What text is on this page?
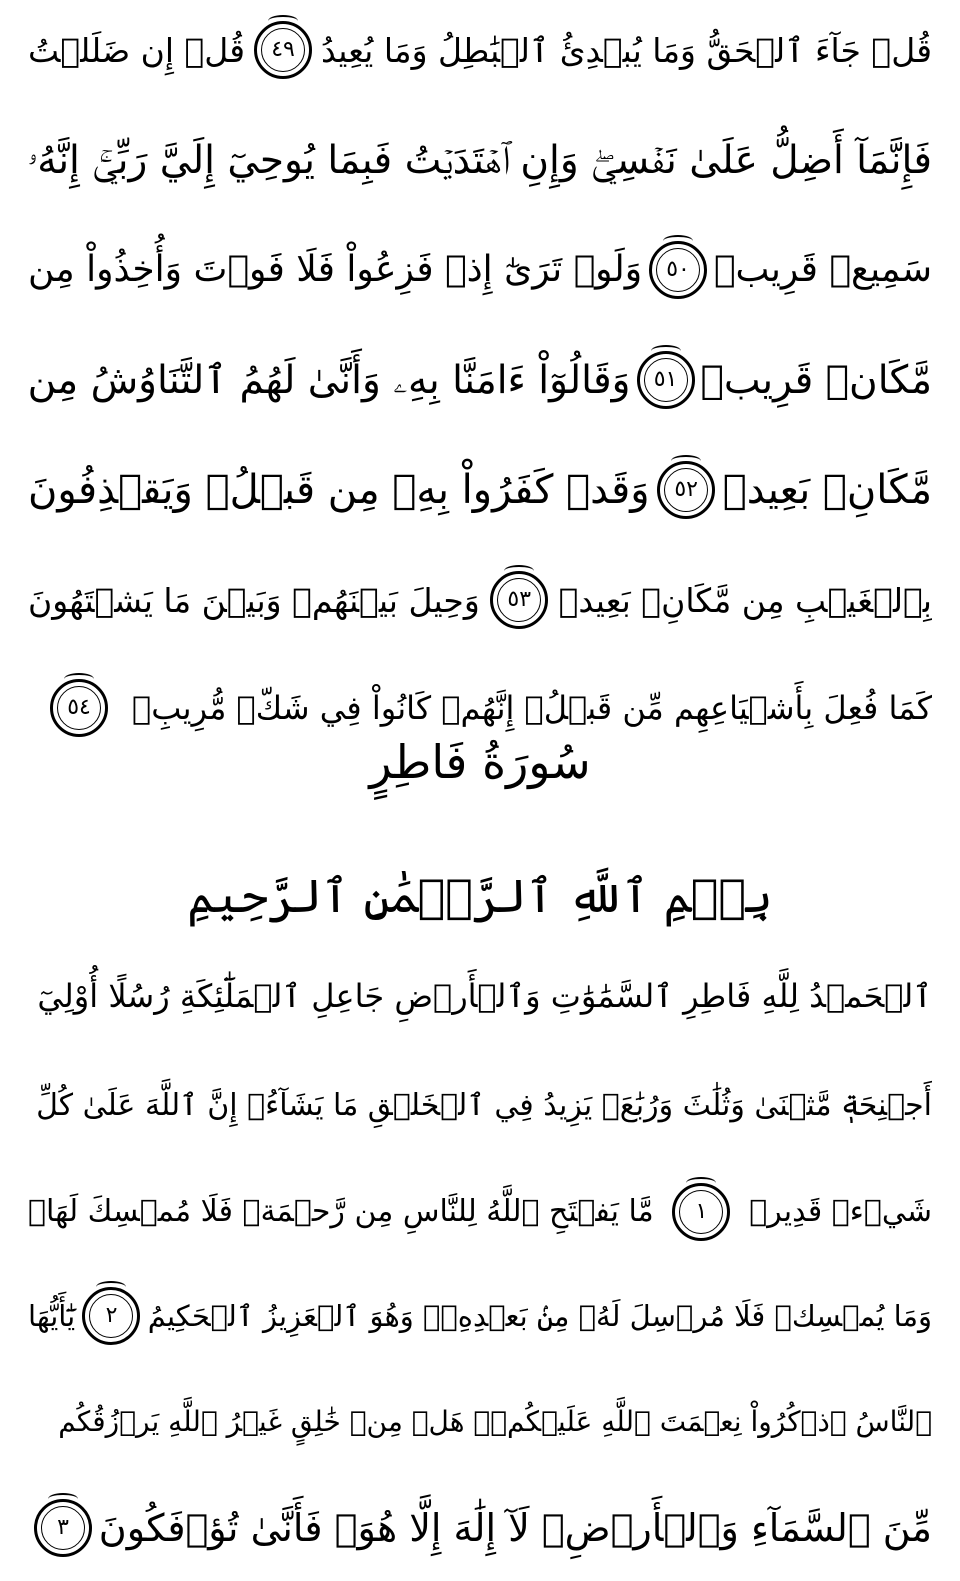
قُلۡ جَآءَ ٱلۡحَقُّ وَمَا يُبۡدِئُ ٱلۡبَٰطِلُ وَمَا يُعِيدُ
٤٩
قُلۡ إِن ضَلَلۡتُ
فَإِنَّمَآ أَضِلُّ عَلَىٰ نَفۡسِيۖ وَإِنِ ٱهۡتَدَيۡتُ فَبِمَا يُوحِيٓ إِلَيَّ رَبِّيٓۚ إِنَّهُۥ
سَمِيعٞ قَرِيبٞ
٥٠
وَلَوۡ تَرَىٰٓ إِذۡ فَزِعُواْ فَلَا فَوۡتَ وَأُخِذُواْ مِن
مَّكَانٖ قَرِيبٖ
٥١
وَقَالُوٓاْ ءَامَنَّا بِهِۦ وَأَنَّىٰ لَهُمُ ٱلتَّنَاوُشُ مِن
مَّكَانِۭ بَعِيدٖ
٥٢
وَقَدۡ كَفَرُواْ بِهِۦ مِن قَبۡلُۖ وَيَقۡذِفُونَ
بِٱلۡغَيۡبِ مِن مَّكَانِۭ بَعِيدٖ
٥٣
وَحِيلَ بَيۡنَهُمۡ وَبَيۡنَ مَا يَشۡتَهُونَ
كَمَا فُعِلَ بِأَشۡيَاعِهِم مِّن قَبۡلُۚ إِنَّهُمۡ كَانُواْ فِي شَكّٖ مُّرِيبِۭ
٥٤
سُورَةُ فَاطِرٍ
بِسۡمِ ٱللَّهِ ٱلرَّحۡمَٰنِ ٱلرَّحِيمِ
ٱلۡحَمۡدُ لِلَّهِ فَاطِرِ ٱلسَّمَٰوَٰتِ وَٱلۡأَرۡضِ جَاعِلِ ٱلۡمَلَٰٓئِكَةِ رُسُلًا أُوْلِيٓ
أَجۡنِحَةٖ مَّثۡنَىٰ وَثُلَٰثَ وَرُبَٰعَۚ يَزِيدُ فِي ٱلۡخَلۡقِ مَا يَشَآءُۚ إِنَّ ٱللَّهَ عَلَىٰ كُلِّ
شَيۡءٖ قَدِيرٞ
١
مَّا يَفۡتَحِ ٱللَّهُ لِلنَّاسِ مِن رَّحۡمَةٖ فَلَا مُمۡسِكَ لَهَاۖ
وَمَا يُمۡسِكۡ فَلَا مُرۡسِلَ لَهُۥ مِنۢ بَعۡدِهِۦۚ وَهُوَ ٱلۡعَزِيزُ ٱلۡحَكِيمُ
٢
يَٰٓأَيُّهَا
ٱلنَّاسُ ٱذۡكُرُواْ نِعۡمَتَ ٱللَّهِ عَلَيۡكُمۡۚ هَلۡ مِنۡ خَٰلِقٍ غَيۡرُ ٱللَّهِ يَرۡزُقُكُم
مِّنَ ٱلسَّمَآءِ وَٱلۡأَرۡضِۚ لَآ إِلَٰهَ إِلَّا هُوَۖ فَأَنَّىٰ تُؤۡفَكُونَ
٣
